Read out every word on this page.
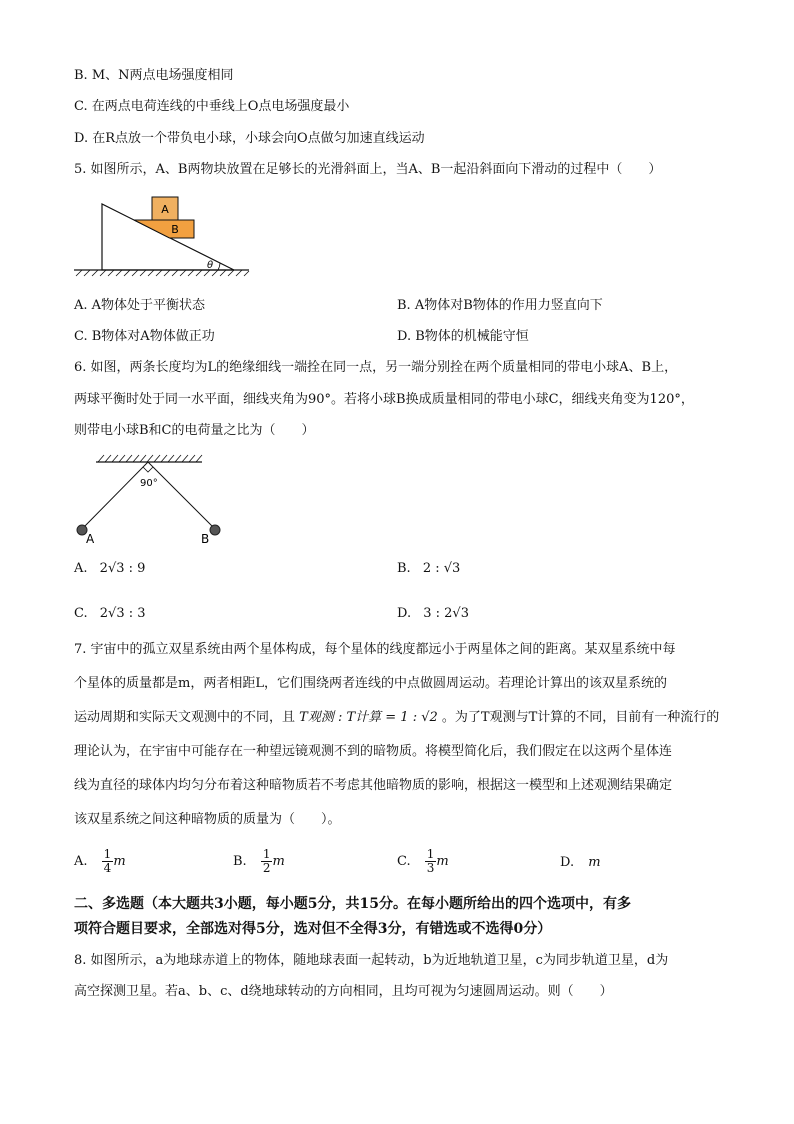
B. M、N两点电场强度相同
C. 在两点电荷连线的中垂线上O点电场强度最小
D. 在R点放一个带负电小球，小球会向O点做匀加速直线运动
5. 如图所示，A、B两物块放置在足够长的光滑斜面上，当A、B一起沿斜面向下滑动的过程中（　　）
A
B
θ
A. A物体处于平衡状态	B. A物体对B物体的作用力竖直向下
C. B物体对A物体做正功	D. B物体的机械能守恒
6. 如图，两条长度均为L的绝缘细线一端拴在同一点，另一端分别拴在两个质量相同的带电小球A、B上，
两球平衡时处于同一水平面，细线夹角为90°。若将小球B换成质量相同的带电小球C，细线夹角变为120°，
则带电小球B和C的电荷量之比为（　　）
90°
A	B
A. 2√3 : 9	B. 2 : √3
C. 2√3 : 3	D. 3 : 2√3
7. 宇宙中的孤立双星系统由两个星体构成，每个星体的线度都远小于两星体之间的距离。某双星系统中每
个星体的质量都是m，两者相距L，它们围绕两者连线的中点做圆周运动。若理论计算出的该双星系统的
运动周期和实际天文观测中的不同，且 T观测 : T计算 = 1 : √2 。为了T观测与T计算的不同，目前有一种流行的
理论认为，在宇宙中可能存在一种望远镜观测不到的暗物质。将模型简化后，我们假定在以这两个星体连
线为直径的球体内均匀分布着这种暗物质若不考虑其他暗物质的影响，根据这一模型和上述观测结果确定
该双星系统之间这种暗物质的质量为（　　）。
A. $\frac{1}{4}$ m	B. $\frac{1}{2}$ m	C. $\frac{1}{3}$ m	D. m
二、多选题（本大题共3小题，每小题5分，共15分。在每小题所给出的四个选项中，有多
项符合题目要求，全部选对得5分，选对但不全得3分，有错选或不选得0分）
8. 如图所示，a为地球赤道上的物体，随地球表面一起转动，b为近地轨道卫星，c为同步轨道卫星，d为
高空探测卫星。若a、b、c、d绕地球转动的方向相同，且均可视为匀速圆周运动。则（　　）
